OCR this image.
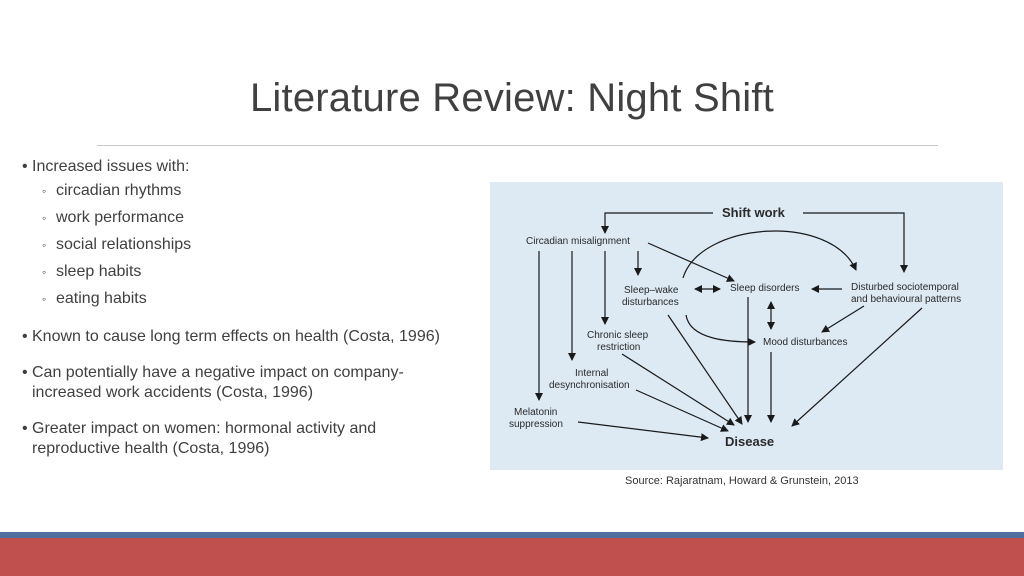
Literature Review: Night Shift
• Increased issues with:
◦ circadian rhythms
◦ work performance
◦ social relationships
◦ sleep habits
◦ eating habits
• Known to cause long term effects on health (Costa, 1996)
• Can potentially have a negative impact on company-
increased work accidents (Costa, 1996)
• Greater impact on women: hormonal activity and
reproductive health (Costa, 1996)
Shift work
Circadian misalignment
Sleep–wake
disturbances
Sleep disorders	Disturbed sociotemporal
and behavioural patterns
Chronic sleep
restriction	Mood disturbances
Internal
desynchronisation
Melatonin
suppression
Disease
Source: Rajaratnam, Howard & Grunstein, 2013
